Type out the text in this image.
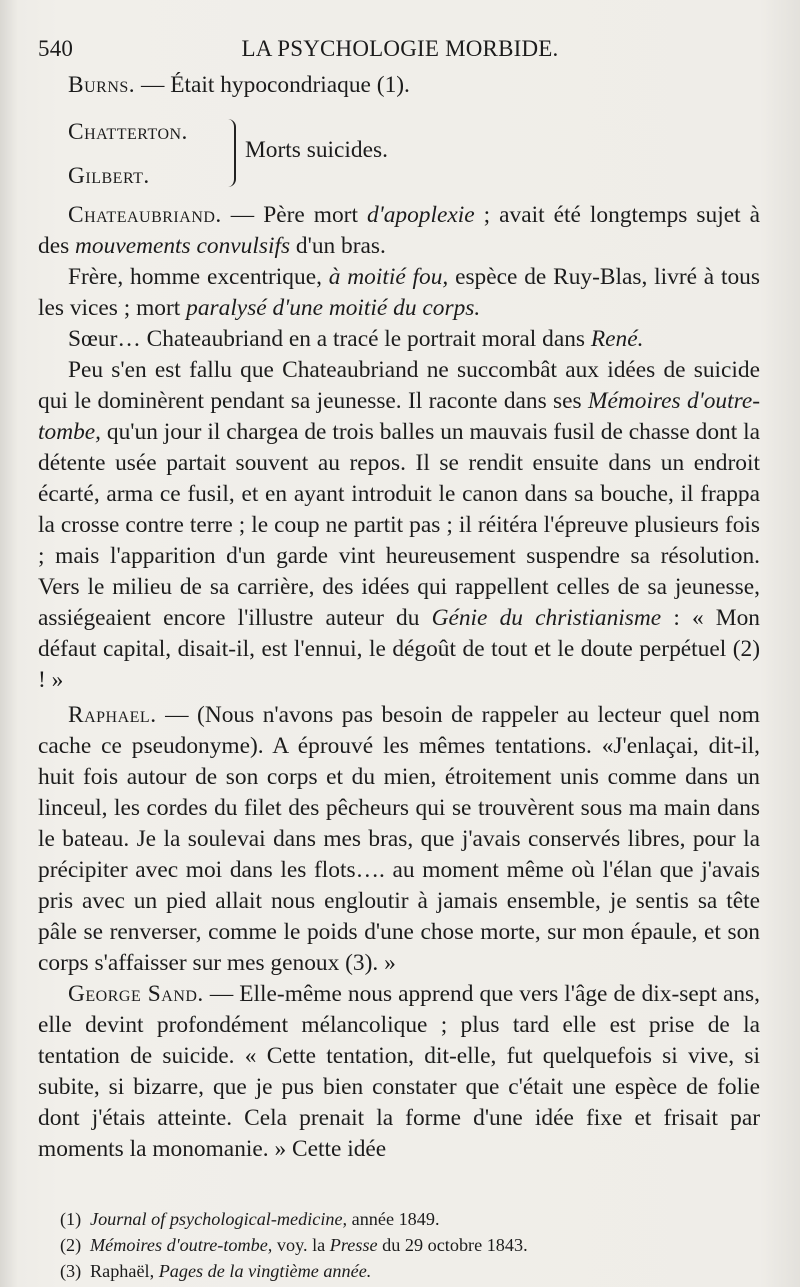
540	LA PSYCHOLOGIE MORBIDE.

Burns. — Était hypocondriaque (1).

Chatterton.
Gilbert.
Morts suicides.

Chateaubriand. — Père mort d'apoplexie ; avait été longtemps sujet à des mouvements convulsifs d'un bras.

Frère, homme excentrique, à moitié fou, espèce de Ruy-Blas, livré à tous les vices ; mort paralysé d'une moitié du corps.

Sœur… Chateaubriand en a tracé le portrait moral dans René.

Peu s'en est fallu que Chateaubriand ne succombât aux idées de suicide qui le dominèrent pendant sa jeunesse. Il raconte dans ses Mémoires d'outre-tombe, qu'un jour il chargea de trois balles un mauvais fusil de chasse dont la détente usée partait souvent au repos. Il se rendit ensuite dans un endroit écarté, arma ce fusil, et en ayant introduit le canon dans sa bouche, il frappa la crosse contre terre ; le coup ne partit pas ; il réitéra l'épreuve plusieurs fois ; mais l'apparition d'un garde vint heureusement suspendre sa résolution. Vers le milieu de sa carrière, des idées qui rappellent celles de sa jeunesse, assiégeaient encore l'illustre auteur du Génie du christianisme : « Mon défaut capital, disait-il, est l'ennui, le dégoût de tout et le doute perpétuel (2) ! »

Raphael. — (Nous n'avons pas besoin de rappeler au lecteur quel nom cache ce pseudonyme). A éprouvé les mêmes tentations. «J'enlaçai, dit-il, huit fois autour de son corps et du mien, étroitement unis comme dans un linceul, les cordes du filet des pêcheurs qui se trouvèrent sous ma main dans le bateau. Je la soulevai dans mes bras, que j'avais conservés libres, pour la précipiter avec moi dans les flots…. au moment même où l'élan que j'avais pris avec un pied allait nous engloutir à jamais ensemble, je sentis sa tête pâle se renverser, comme le poids d'une chose morte, sur mon épaule, et son corps s'affaisser sur mes genoux (3). »

George Sand. — Elle-même nous apprend que vers l'âge de dix-sept ans, elle devint profondément mélancolique ; plus tard elle est prise de la tentation de suicide. « Cette tentation, dit-elle, fut quelquefois si vive, si subite, si bizarre, que je pus bien constater que c'était une espèce de folie dont j'étais atteinte. Cela prenait la forme d'une idée fixe et frisait par moments la monomanie. » Cette idée

(1) Journal of psychological-medicine, année 1849.
(2) Mémoires d'outre-tombe, voy. la Presse du 29 octobre 1843.
(3) Raphaël, Pages de la vingtième année.
